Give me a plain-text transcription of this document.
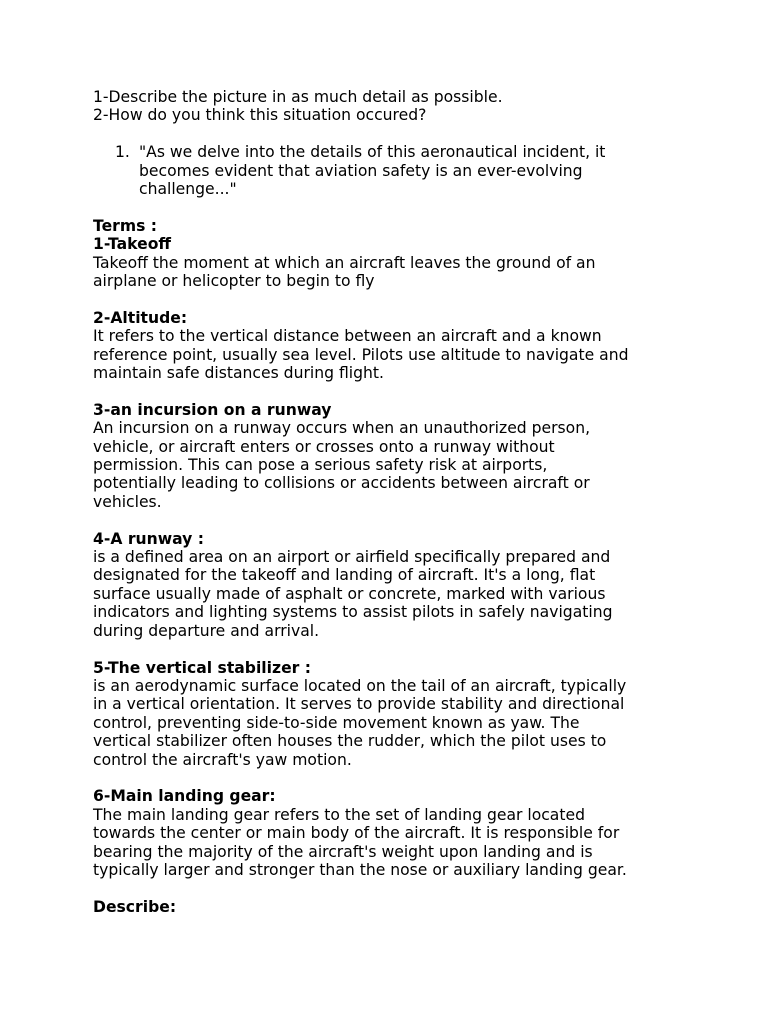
1-Describe the picture in as much detail as possible.

2-How do you think this situation occured?

1. "As we delve into the details of this aeronautical incident, it

becomes evident that aviation safety is an ever-evolving

challenge..."

Terms :

1-Takeoff

Takeoff the moment at which an aircraft leaves the ground of an

airplane or helicopter to begin to fly

2-Altitude:

It refers to the vertical distance between an aircraft and a known

reference point, usually sea level. Pilots use altitude to navigate and

maintain safe distances during flight.

3-an incursion on a runway

An incursion on a runway occurs when an unauthorized person,

vehicle, or aircraft enters or crosses onto a runway without

permission. This can pose a serious safety risk at airports,

potentially leading to collisions or accidents between aircraft or

vehicles.

4-A runway :

is a defined area on an airport or airfield specifically prepared and

designated for the takeoff and landing of aircraft. It's a long, flat

surface usually made of asphalt or concrete, marked with various

indicators and lighting systems to assist pilots in safely navigating

during departure and arrival.

5-The vertical stabilizer :

is an aerodynamic surface located on the tail of an aircraft, typically

in a vertical orientation. It serves to provide stability and directional

control, preventing side-to-side movement known as yaw. The

vertical stabilizer often houses the rudder, which the pilot uses to

control the aircraft's yaw motion.

6-Main landing gear:

The main landing gear refers to the set of landing gear located

towards the center or main body of the aircraft. It is responsible for

bearing the majority of the aircraft's weight upon landing and is

typically larger and stronger than the nose or auxiliary landing gear.

Describe:
